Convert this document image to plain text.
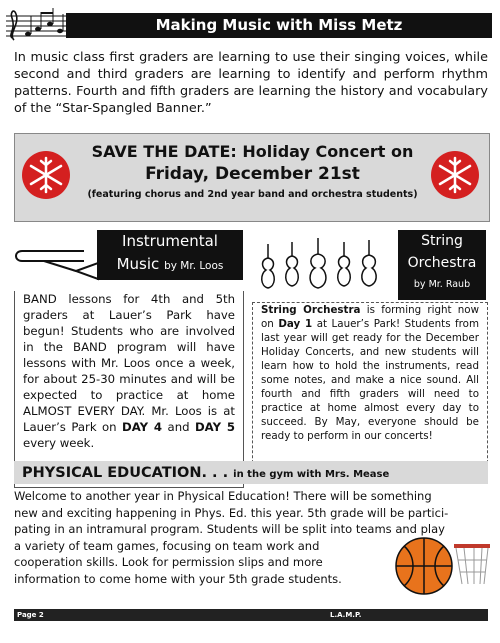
Making Music with Miss Metz
In music class first graders are learning to use their singing voices, while second and third graders are learning to identify and perform rhythm patterns. Fourth and fifth graders are learning the history and vocabulary of the “Star-Spangled Banner.”
SAVE THE DATE: Holiday Concert on
Friday, December 21st
(featuring chorus and 2nd year band and orchestra students)
Instrumental
Music by Mr. Loos
BAND lessons for 4th and 5th graders at Lauer’s Park have begun! Students who are involved in the BAND program will have lessons with Mr. Loos once a week, for about 25-30 minutes and will be expected to practice at home ALMOST EVERY DAY. Mr. Loos is at Lauer’s Park on DAY 4 and DAY 5 every week.
String
Orchestra
by Mr. Raub
String Orchestra is forming right now on Day 1 at Lauer’s Park! Students from last year will get ready for the December Holiday Concerts, and new students will learn how to hold the instruments, read some notes, and make a nice sound. All fourth and fifth graders will need to practice at home almost every day to succeed. By May, everyone should be ready to perform in our concerts!
PHYSICAL EDUCATION. . . in the gym with Mrs. Mease

Welcome to another year in Physical Education! There will be something

new and exciting happening in Phys. Ed. this year. 5th grade will be partici-

pating in an intramural program. Students will be split into teams and play

a variety of team games, focusing on team work and

cooperation skills. Look for permission slips and more

information to come home with your 5th grade students.

Page 2	L.A.M.P.
